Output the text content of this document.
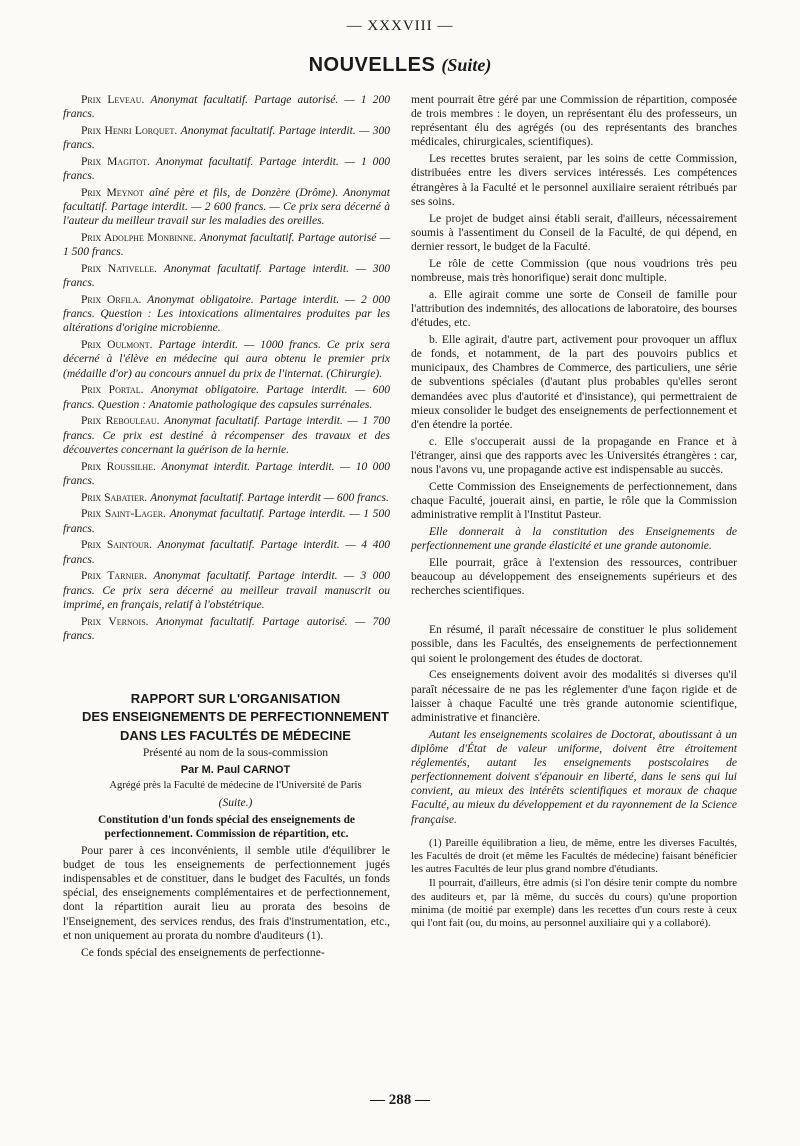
— XXXVIII —
NOUVELLES (Suite)

Prix Leveau. Anonymat facultatif. Partage autorisé. — 1 200 francs.

Prix Henri Lorquet. Anonymat facultatif. Partage interdit. — 300 francs.

Prix Magitot. Anonymat facultatif. Partage interdit. — 1 000 francs.

Prix Meynot aîné père et fils, de Donzère (Drôme). Anonymat facultatif. Partage interdit. — 2 600 francs. — Ce prix sera décerné à l'auteur du meilleur travail sur les maladies des oreilles.

Prix Adolphe Monbinne. Anonymat facultatif. Partage autorisé — 1 500 francs.

Prix Nativelle. Anonymat facultatif. Partage interdit. — 300 francs.

Prix Orfila. Anonymat obligatoire. Partage interdit. — 2 000 francs. Question : Les intoxications alimentaires produites par les altérations d'origine microbienne.

Prix Oulmont. Partage interdit. — 1000 francs. Ce prix sera décerné à l'élève en médecine qui aura obtenu le premier prix (médaille d'or) au concours annuel du prix de l'internat. (Chirurgie).

Prix Portal. Anonymat obligatoire. Partage interdit. — 600 francs. Question : Anatomie pathologique des capsules surrénales.

Prix Rebouleau. Anonymat facultatif. Partage interdit. — 1 700 francs. Ce prix est destiné à récompenser des travaux et des découvertes concernant la guérison de la hernie.

Prix Roussilhe. Anonymat interdit. Partage interdit. — 10 000 francs.

Prix Sabatier. Anonymat facultatif. Partage interdit — 600 francs.

Prix Saint-Lager. Anonymat facultatif. Partage interdit. — 1 500 francs.

Prix Saintour. Anonymat facultatif. Partage interdit. — 4 400 francs.

Prix Tarnier. Anonymat facultatif. Partage interdit. — 3 000 francs. Ce prix sera décerné au meilleur travail manuscrit ou imprimé, en français, relatif à l'obstétrique.

Prix Vernois. Anonymat facultatif. Partage autorisé. — 700 francs.

RAPPORT SUR L'ORGANISATION

DES ENSEIGNEMENTS DE PERFECTIONNEMENT

DANS LES FACULTÉS DE MÉDECINE

Présenté au nom de la sous-commission

Par M. Paul CARNOT

Agrégé près la Faculté de médecine de l'Université de Paris

(Suite.)

Constitution d'un fonds spécial des enseignements de perfectionnement. Commission de répartition, etc.

Pour parer à ces inconvénients, il semble utile d'équilibrer le budget de tous les enseignements de perfectionnement jugés indispensables et de constituer, dans le budget des Facultés, un fonds spécial, des enseignements complémentaires et de perfectionnement, dont la répartition aurait lieu au prorata des besoins de l'Enseignement, des services rendus, des frais d'instrumentation, etc., et non uniquement au prorata du nombre d'auditeurs (1).

Ce fonds spécial des enseignements de perfectionne-

ment pourrait être géré par une Commission de répartition, composée de trois membres : le doyen, un représentant élu des professeurs, un représentant élu des agrégés (ou des représentants des branches médicales, chirurgicales, scientifiques).

Les recettes brutes seraient, par les soins de cette Commission, distribuées entre les divers services intéressés. Les compétences étrangères à la Faculté et le personnel auxiliaire seraient rétribués par ses soins.

Le projet de budget ainsi établi serait, d'ailleurs, nécessairement soumis à l'assentiment du Conseil de la Faculté, de qui dépend, en dernier ressort, le budget de la Faculté.

Le rôle de cette Commission (que nous voudrions très peu nombreuse, mais très honorifique) serait donc multiple.

a. Elle agirait comme une sorte de Conseil de famille pour l'attribution des indemnités, des allocations de laboratoire, des bourses d'études, etc.

b. Elle agirait, d'autre part, activement pour provoquer un afflux de fonds, et notamment, de la part des pouvoirs publics et municipaux, des Chambres de Commerce, des particuliers, une série de subventions spéciales (d'autant plus probables qu'elles seront demandées avec plus d'autorité et d'insistance), qui permettraient de mieux consolider le budget des enseignements de perfectionnement et d'en étendre la portée.

c. Elle s'occuperait aussi de la propagande en France et à l'étranger, ainsi que des rapports avec les Universités étrangères : car, nous l'avons vu, une propagande active est indispensable au succès.

Cette Commission des Enseignements de perfectionnement, dans chaque Faculté, jouerait ainsi, en partie, le rôle que la Commission administrative remplit à l'Institut Pasteur.

Elle donnerait à la constitution des Enseignements de perfectionnement une grande élasticité et une grande autonomie.

Elle pourrait, grâce à l'extension des ressources, contribuer beaucoup au développement des enseignements supérieurs et des recherches scientifiques.

En résumé, il paraît nécessaire de constituer le plus solidement possible, dans les Facultés, des enseignements de perfectionnement qui soient le prolongement des études de doctorat.

Ces enseignements doivent avoir des modalités si diverses qu'il paraît nécessaire de ne pas les réglementer d'une façon rigide et de laisser à chaque Faculté une très grande autonomie scientifique, administrative et financière.

Autant les enseignements scolaires de Doctorat, aboutissant à un diplôme d'État de valeur uniforme, doivent être étroitement réglementés, autant les enseignements postscolaires de perfectionnement doivent s'épanouir en liberté, dans le sens qui lui convient, au mieux des intérêts scientifiques et moraux de chaque Faculté, au mieux du développement et du rayonnement de la Science française.

(1) Pareille équilibration a lieu, de même, entre les diverses Facultés, les Facultés de droit (et même les Facultés de médecine) faisant bénéficier les autres Facultés de leur plus grand nombre d'étudiants.

Il pourrait, d'ailleurs, être admis (si l'on désire tenir compte du nombre des auditeurs et, par là même, du succès du cours) qu'une proportion minima (de moitié par exemple) dans les recettes d'un cours reste à ceux qui l'ont fait (ou, du moins, au personnel auxiliaire qui y a collaboré).

— 288 —
